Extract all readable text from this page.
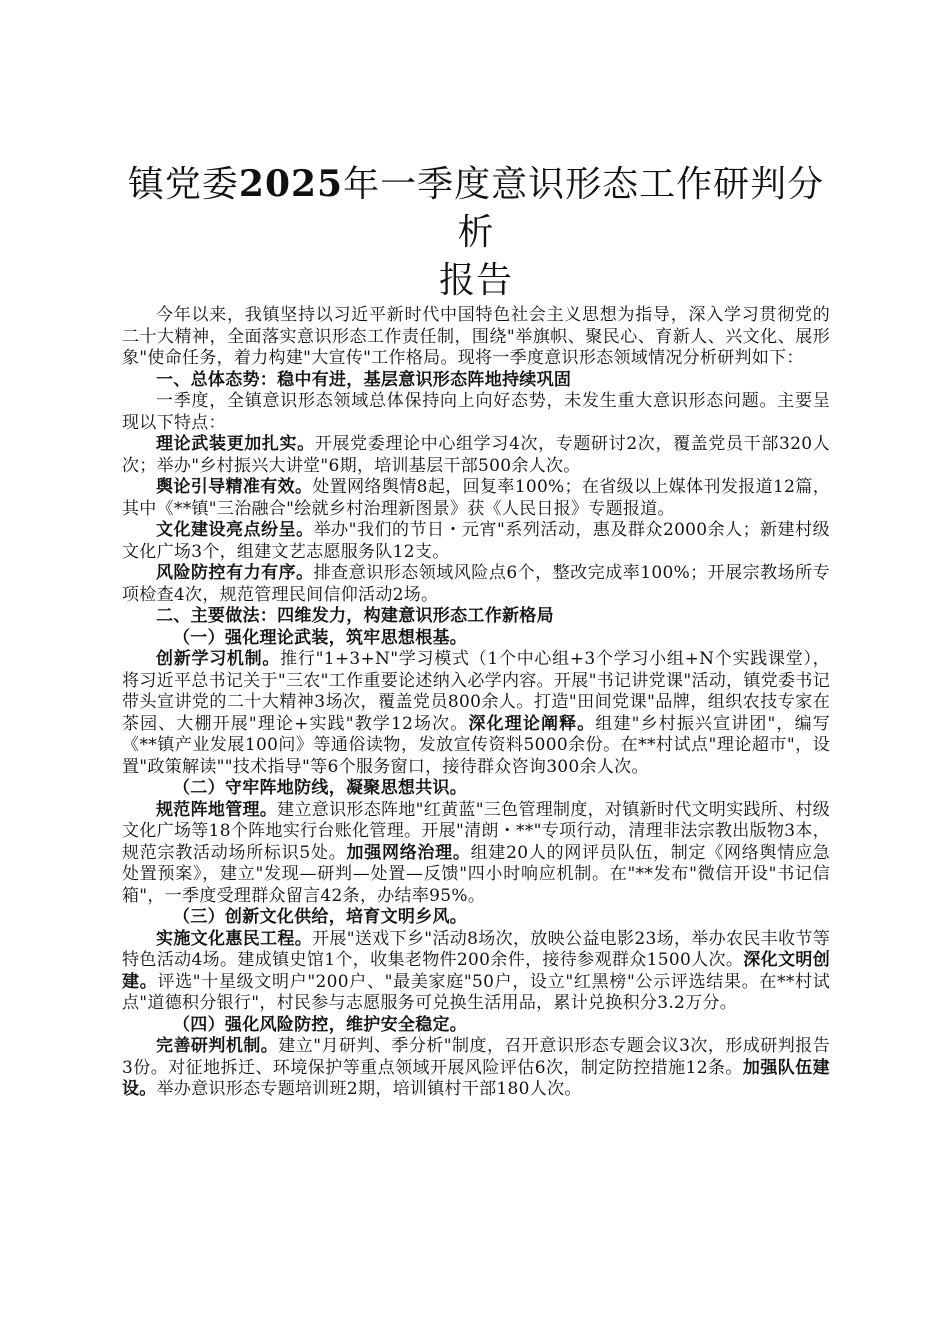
镇党委2025年一季度意识形态工作研判分析
报告

今年以来，我镇坚持以习近平新时代中国特色社会主义思想为指导，深入学习贯彻党的二十大精神，全面落实意识形态工作责任制，围绕"举旗帜、聚民心、育新人、兴文化、展形象"使命任务，着力构建"大宣传"工作格局。现将一季度意识形态领域情况分析研判如下：

一、总体态势：稳中有进，基层意识形态阵地持续巩固

一季度，全镇意识形态领域总体保持向上向好态势，未发生重大意识形态问题。主要呈现以下特点：

理论武装更加扎实。开展党委理论中心组学习4次，专题研讨2次，覆盖党员干部320人次；举办"乡村振兴大讲堂"6期，培训基层干部500余人次。

舆论引导精准有效。处置网络舆情8起，回复率100%；在省级以上媒体刊发报道12篇，其中《**镇"三治融合"绘就乡村治理新图景》获《人民日报》专题报道。

文化建设亮点纷呈。举办"我们的节日・元宵"系列活动，惠及群众2000余人；新建村级文化广场3个，组建文艺志愿服务队12支。

风险防控有力有序。排查意识形态领域风险点6个，整改完成率100%；开展宗教场所专项检查4次，规范管理民间信仰活动2场。

二、主要做法：四维发力，构建意识形态工作新格局

（一）强化理论武装，筑牢思想根基。

创新学习机制。推行"1+3+N"学习模式（1个中心组+3个学习小组+N个实践课堂），将习近平总书记关于"三农"工作重要论述纳入必学内容。开展"书记讲党课"活动，镇党委书记带头宣讲党的二十大精神3场次，覆盖党员800余人。打造"田间党课"品牌，组织农技专家在茶园、大棚开展"理论+实践"教学12场次。深化理论阐释。组建"乡村振兴宣讲团"，编写《**镇产业发展100问》等通俗读物，发放宣传资料5000余份。在**村试点"理论超市"，设置"政策解读""技术指导"等6个服务窗口，接待群众咨询300余人次。

（二）守牢阵地防线，凝聚思想共识。

规范阵地管理。建立意识形态阵地"红黄蓝"三色管理制度，对镇新时代文明实践所、村级文化广场等18个阵地实行台账化管理。开展"清朗・**"专项行动，清理非法宗教出版物3本，规范宗教活动场所标识5处。加强网络治理。组建20人的网评员队伍，制定《网络舆情应急处置预案》，建立"发现—研判—处置—反馈"四小时响应机制。在"**发布"微信开设"书记信箱"，一季度受理群众留言42条，办结率95%。

（三）创新文化供给，培育文明乡风。

实施文化惠民工程。开展"送戏下乡"活动8场次，放映公益电影23场，举办农民丰收节等特色活动4场。建成镇史馆1个，收集老物件200余件，接待参观群众1500人次。深化文明创建。评选"十星级文明户"200户、"最美家庭"50户，设立"红黑榜"公示评选结果。在**村试点"道德积分银行"，村民参与志愿服务可兑换生活用品，累计兑换积分3.2万分。

（四）强化风险防控，维护安全稳定。

完善研判机制。建立"月研判、季分析"制度，召开意识形态专题会议3次，形成研判报告3份。对征地拆迁、环境保护等重点领域开展风险评估6次，制定防控措施12条。加强队伍建设。举办意识形态专题培训班2期，培训镇村干部180人次。
